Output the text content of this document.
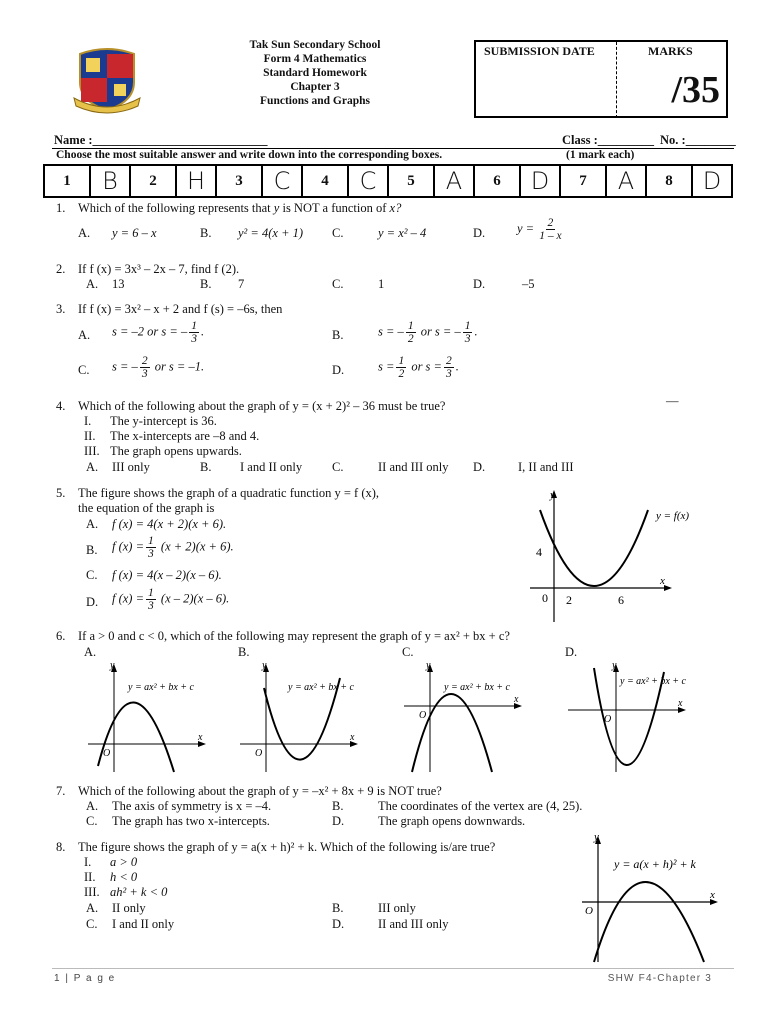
Tak Sun Secondary School
Form 4 Mathematics
Standard Homework
Chapter 3
Functions and Graphs
SUBMISSION DATE	MARKS
/35
Name :____________________________	Class :_________ No. :________
Choose the most suitable answer and write down into the corresponding boxes.	(1 mark each)
1	B	2	H	3	C	4	C	5	A	6	D	7	A	8	D
1. Which of the following represents that y is NOT a function of x?
A. y = 6 – x	B. y² = 4(x + 1) C.	y = x² – 4	D.	$y = \frac{2}{1 - x}$
2. If f (x) = 3x³ – 2x – 7, find f (2).
A. 13	B. 7	C.	1	D.	–5
3. If f (x) = 3x² – x + 2 and f (s) = –6s, then
A. s = –2 or s = – $\frac{1}{3}$ .	B.	s = – $\frac{1}{2}$ or s = – $\frac{1}{3}$ .
C. s = – $\frac{2}{3}$ or s = –1.	D.	$s = \frac{1}{2}$ or $s = \frac{2}{3}$ .
4. Which of the following about the graph of y = (x + 2)² – 36 must be true?	—
I. The y-intercept is 36.
II. The x-intercepts are –8 and 4.
III. The graph opens upwards.
A. III only	B. I and II only C.	II and III only D.	I, II and III
5. The figure shows the graph of a quadratic function y = f (x),
the equation of the graph is
A. f (x) = 4(x + 2)(x + 6).
B. f $(x) = \frac{1}{3} (x + 2)(x + 6)$.
C. f (x) = 4(x – 2)(x – 6).
D. f $(x) = \frac{1}{3} (x - 2)(x - 6)$.
y
x
0
4
2	6
y = f(x)
6. If a > 0 and c < 0, which of the following may represent the graph of y = ax² + bx + c?
A.	B.	C.	D.
y
x
O
y = ax² + bx + c
y
x
O
y = ax² + bx + c
y
x
O
y = ax² + bx + c
y
x
O
y = ax² + bx + c
7. Which of the following about the graph of y = –x² + 8x + 9 is NOT true?
A. The axis of symmetry is x = –4.	B.	The coordinates of the vertex are (4, 25).
C. The graph has two x-intercepts.	D.	The graph opens downwards.
8. The figure shows the graph of y = a(x + h)² + k. Which of the following is/are true?
I. a > 0
II. h < 0
III. ah² + k < 0
A. II only	B.	III only
C. I and II only	D.	II and III only
y
x
O
y = a(x + h)² + k
1 | P a g e	SHW F4-Chapter 3
